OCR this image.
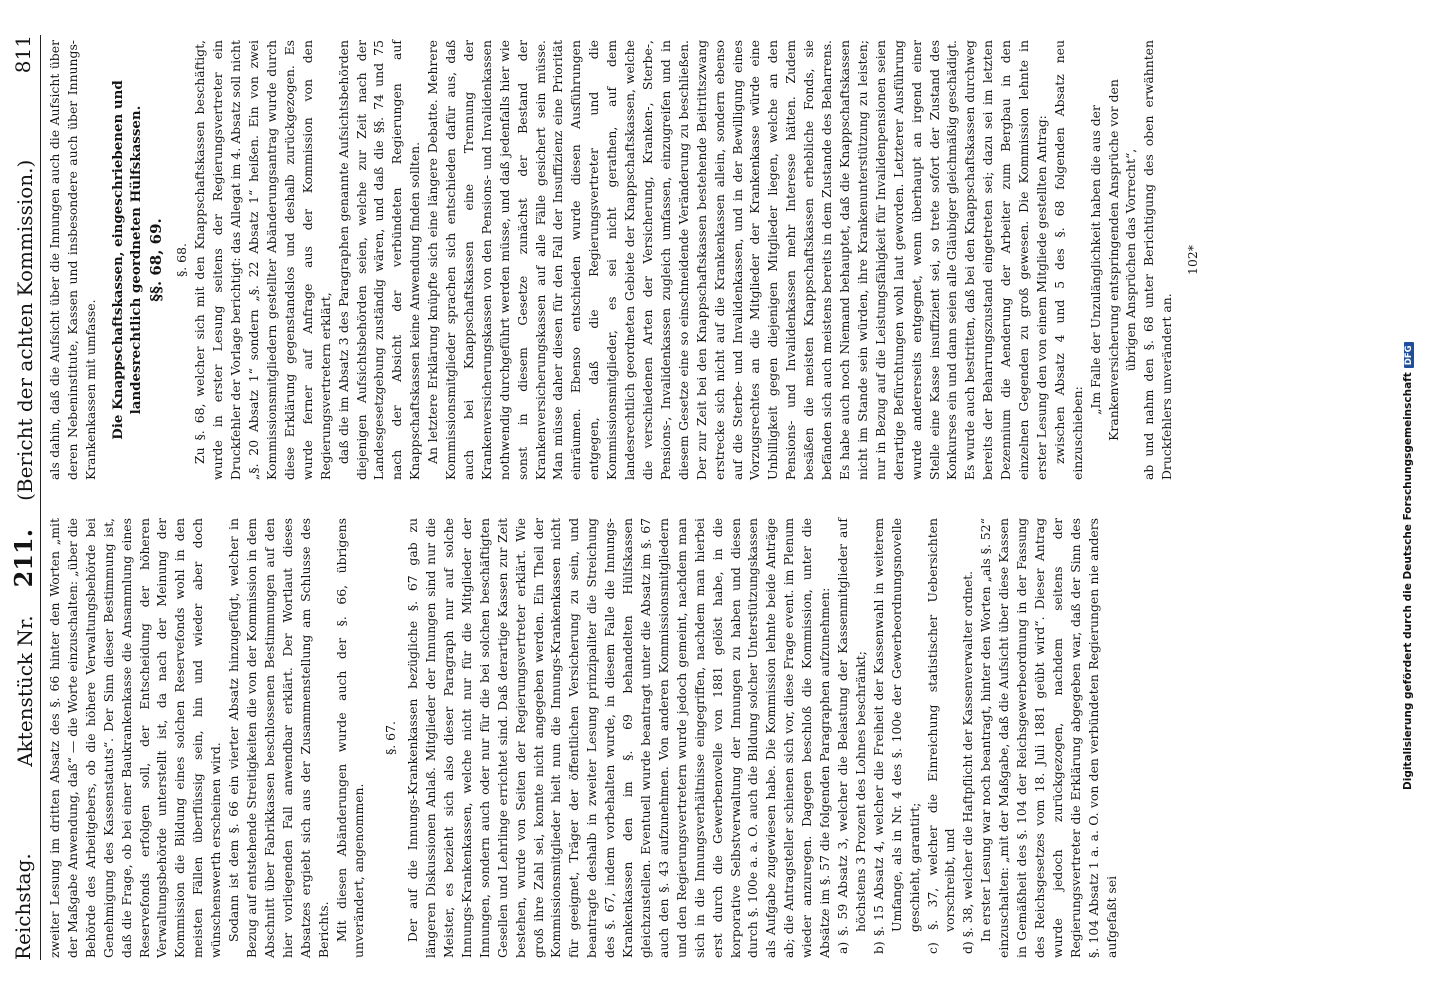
Reichstag.
Aktenstück Nr.
211.
(Bericht der achten Kommission.)
811

zweiter Lesung im dritten Absatz des §. 66 hinter den Worten „mit der Maßgabe Anwendung, daß“ — die Worte einzuschalten: „über die Behörde des Arbeitgebers, ob die höhere Verwaltungsbehörde bei Genehmigung des Kassenstatuts“. Der Sinn dieser Bestimmung ist, daß die Frage, ob bei einer Baukrankenkasse die Ansammlung eines Reservefonds erfolgen soll, der Entscheidung der höheren Verwaltungsbehörde unterstellt ist, da nach der Meinung der Kommission die Bildung eines solchen Reservefonds wohl in den meisten Fällen überflüssig sein, hin und wieder aber doch wünschenswerth erscheinen wird. Sodann ist dem §. 66 ein vierter Absatz hinzugefügt, welcher in Bezug auf entstehende Streitigkeiten die von der Kommission in dem Abschnitt über Fabrikkassen beschlossenen Bestimmungen auf den hier vorliegenden Fall anwendbar erklärt. Der Wortlaut dieses Absatzes ergiebt sich aus der Zusammenstellung am Schlusse des Berichts. Mit diesen Abänderungen wurde auch der §. 66, übrigens unverändert, angenommen.

§. 67. Der auf die Innungs-Krankenkassen bezügliche §. 67 gab zu längeren Diskussionen Anlaß. Mitglieder der Innungen sind nur die Meister, es bezieht sich also dieser Paragraph nur auf solche Innungs-Krankenkassen, welche nicht nur für die Mitglieder der Innungen, sondern auch oder nur für die bei solchen beschäftigten Gesellen und Lehrlinge errichtet sind. Daß derartige Kassen zur Zeit bestehen, wurde von Seiten der Regierungsvertreter erklärt. Wie groß ihre Zahl sei, konnte nicht angegeben werden. Ein Theil der Kommissionsmitglieder hielt nun die Innungs-Krankenkassen nicht für geeignet, Träger der öffentlichen Versicherung zu sein, und beantragte deshalb in zweiter Lesung prinzipaliter die Streichung des §. 67, indem vorbehalten wurde, in diesem Falle die Innungs-Krankenkassen den im §. 69 behandelten Hülfskassen gleichzustellen. Eventuell wurde beantragt unter die Absatz im §. 67 auch den §. 43 aufzunehmen. Von anderen Kommissionsmitgliedern und den Regierungsvertretern wurde jedoch gemeint, nachdem man sich in die Innungsverhältnisse eingegriffen, nachdem man hierbei erst durch die Gewerbenovelle von 1881 gelöst habe, in die korporative Selbstverwaltung der Innungen zu haben und diesen durch §. 100e a. a. O. auch die Bildung solcher Unterstützungskassen als Aufgabe zugewiesen habe. Die Kommission lehnte beide Anträge ab; die Antragsteller schienen sich vor, diese Frage event. im Plenum wieder anzuregen. Dagegen beschloß die Kommission, unter die Absätze im §. 57 die folgenden Paragraphen aufzunehmen: a) §. 59 Absatz 3, welcher die Belastung der Kassenmitglieder auf höchstens 3 Prozent des Lohnes beschränkt; b) §. 15 Absatz 4, welcher die Freiheit der Kassenwahl in weiterem Umfange, als in Nr. 4 des §. 100e der Gewerbeordnungsnovelle geschieht, garantirt; c) §. 37, welcher die Einreichung statistischer Uebersichten vorschreibt, und d) §. 38, welcher die Haftpflicht der Kassenverwalter ordnet. In erster Lesung war noch beantragt, hinter den Worten „als §. 52“ einzuschalten: „mit der Maßgabe, daß die Aufsicht über diese Kassen in Gemäßheit des §. 104 der Reichsgewerbeordnung in der Fassung des Reichsgesetzes vom 18. Juli 1881 geübt wird“. Dieser Antrag wurde jedoch zurückgezogen, nachdem seitens der Regierungsvertreter die Erklärung abgegeben war, daß der Sinn des §. 104 Absatz 1 a. a. O. von den verbündeten Regierungen nie anders aufgefaßt sei

als dahin, daß die Aufsicht über die Innungen auch die Aufsicht über deren Nebeninstitute, Kassen und insbesondere auch über Innungs-Krankenkassen mit umfasse. Die Knappschaftskassen, eingeschriebenen und landesrechtlich geordneten Hülfskassen. §§. 68, 69. §. 68. Zu §. 68, welcher sich mit den Knappschaftskassen beschäftigt, wurde in erster Lesung seitens der Regierungsvertreter ein Druckfehler der Vorlage berichtigt: das Allegat im 4. Absatz soll nicht „§. 20 Absatz 1“ sondern „§. 22 Absatz 1“ heißen. Ein von zwei Kommissionsmitgliedern gestellter Abänderungsantrag wurde durch diese Erklärung gegenstandslos und deshalb zurückgezogen. Es wurde ferner auf Anfrage aus der Kommission von den Regierungsvertretern erklärt, daß die im Absatz 3 des Paragraphen genannte Aufsichtsbehörden diejenigen Aufsichtsbehörden seien, welche zur Zeit nach der Landesgesetzgebung zuständig wären, und daß die §§. 74 und 75 nach der Absicht der verbündeten Regierungen auf Knappschaftskassen keine Anwendung finden sollten. An letztere Erklärung knüpfte sich eine längere Debatte. Mehrere Kommissionsmitglieder sprachen sich entschieden dafür aus, daß auch bei Knappschaftskassen eine Trennung der Krankenversicherungskassen von den Pensions- und Invalidenkassen nothwendig durchgeführt werden müsse, und daß jedenfalls hier wie sonst in diesem Gesetze zunächst der Bestand der Krankenversicherungskassen auf alle Fälle gesichert sein müsse. Man müsse daher diesen für den Fall der Insuffizienz eine Priorität einräumen. Ebenso entschieden wurde diesen Ausführungen entgegen, daß die Regierungsvertreter und die Kommissionsmitglieder, es sei nicht gerathen, auf dem landesrechtlich geordneten Gebiete der Knappschaftskassen, welche die verschiedenen Arten der Versicherung, Kranken-, Sterbe-, Pensions-, Invalidenkassen zugleich umfassen, einzugreifen und in diesem Gesetze eine so einschneidende Veränderung zu beschließen. Der zur Zeit bei den Knappschaftskassen bestehende Beitrittszwang erstrecke sich nicht auf die Krankenkassen allein, sondern ebenso auf die Sterbe- und Invalidenkassen, und in der Bewilligung eines Vorzugsrechtes an die Mitglieder der Krankenkasse würde eine Unbilligkeit gegen diejenigen Mitglieder liegen, welche an den Pensions- und Invalidenkassen mehr Interesse hätten. Zudem besäßen die meisten Knappschaftskassen erhebliche Fonds, sie befänden sich auch meistens bereits in dem Zustande des Beharrens. Es habe auch noch Niemand behauptet, daß die Knappschaftskassen nicht im Stande sein würden, ihre Krankenunterstützung zu leisten; nur in Bezug auf die Leistungsfähigkeit für Invalidenpensionen seien derartige Befürchtungen wohl laut geworden. Letzterer Ausführung wurde andererseits entgegnet, wenn überhaupt an irgend einer Stelle eine Kasse insuffizient sei, so trete sofort der Zustand des Konkurses ein und dann seien alle Gläubiger gleichmäßig geschädigt. Es wurde auch bestritten, daß bei den Knappschaftskassen durchweg bereits der Beharrungszustand eingetreten sei; dazu sei im letzten Dezennium die Aenderung der Arbeiter zum Bergbau in den einzelnen Gegenden zu groß gewesen. Die Kommission lehnte in erster Lesung den von einem Mitgliede gestellten Antrag: zwischen Absatz 4 und 5 des §. 68 folgenden Absatz neu einzuschieben:

„Im Falle der Unzulänglichkeit haben die aus der Krankenversicherung entspringenden Ansprüche vor den übrigen Ansprüchen das Vorrecht“, ab und nahm den §. 68 unter Berichtigung des oben erwähnten Druckfehlers unverändert an.

102*
Digitalisierung gefördert durch die Deutsche ForschungsgemeinschaftDFG
